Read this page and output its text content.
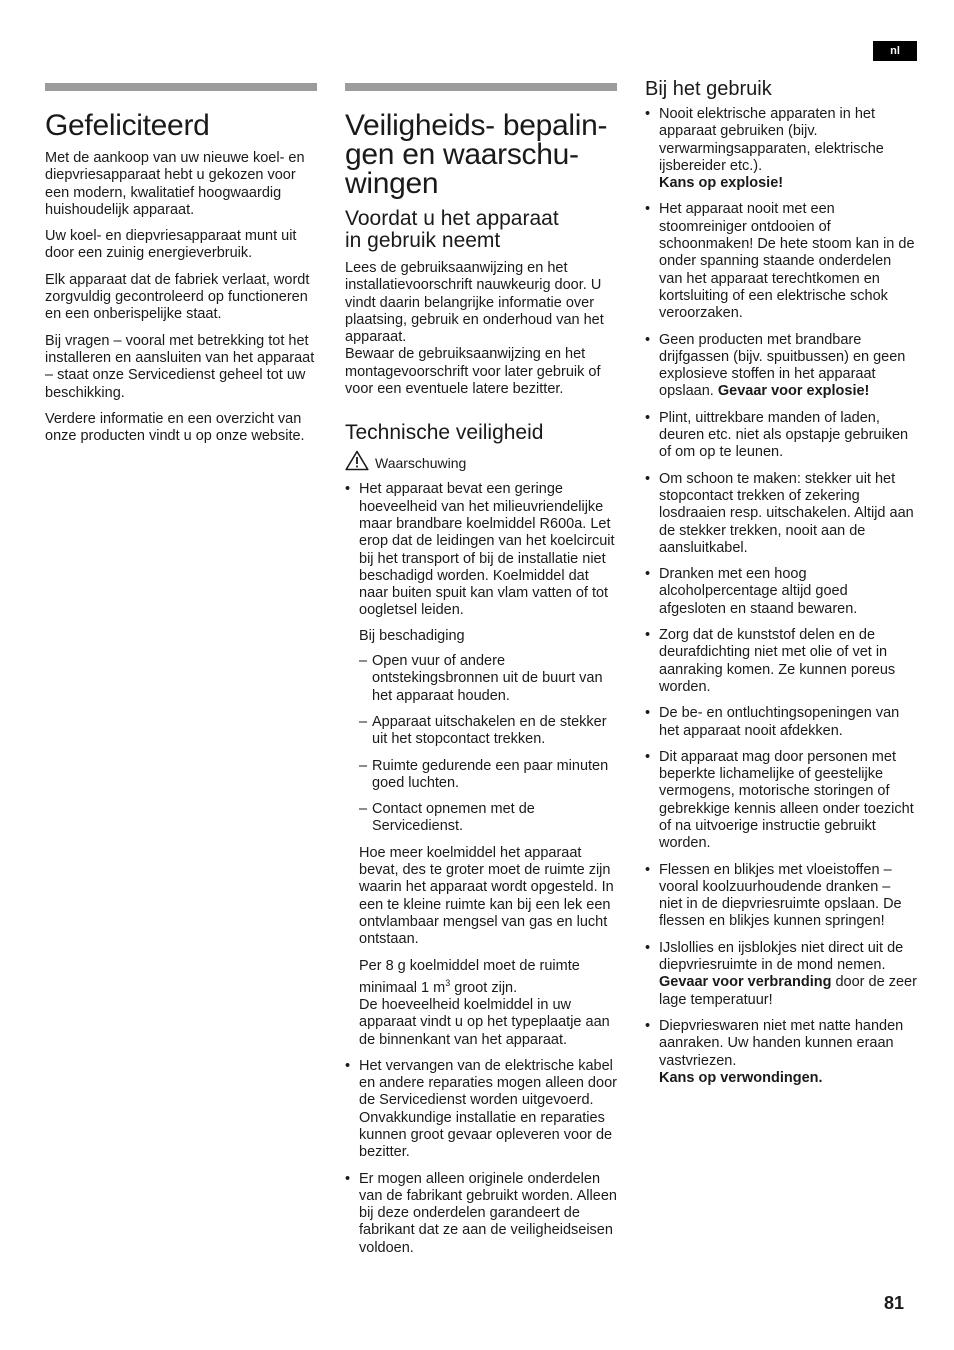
nl
Gefeliciteerd

Met de aankoop van uw nieuwe koel- en diepvriesapparaat hebt u gekozen voor een modern, kwalitatief hoogwaardig huishoudelijk apparaat.

Uw koel- en diepvriesapparaat munt uit door een zuinig energieverbruik.

Elk apparaat dat de fabriek verlaat, wordt zorgvuldig gecontroleerd op functioneren en een onberispelijke staat.

Bij vragen – vooral met betrekking tot het installeren en aansluiten van het apparaat – staat onze Servicedienst geheel tot uw beschikking.

Verdere informatie en een overzicht van onze producten vindt u op onze website.

Veiligheids- bepalin-
gen en waarschu-
wingen
Voordat u het apparaat
in gebruik neemt

Lees de gebruiksaanwijzing en het installatievoorschrift nauwkeurig door. U vindt daarin belangrijke informatie over plaatsing, gebruik en onderhoud van het apparaat.

Bewaar de gebruiksaanwijzing en het montagevoorschrift voor later gebruik of voor een eventuele latere bezitter.

Technische veiligheid
Waarschuwing
• Het apparaat bevat een geringe hoeveelheid van het milieuvriendelijke maar brandbare koelmiddel R600a. Let erop dat de leidingen van het koelcircuit bij het transport of bij de installatie niet beschadigd worden. Koelmiddel dat naar buiten spuit kan vlam vatten of tot oogletsel leiden.
Bij beschadiging
– Open vuur of andere ontstekingsbronnen uit de buurt van het apparaat houden.
– Apparaat uitschakelen en de stekker uit het stopcontact trekken.
– Ruimte gedurende een paar minuten goed luchten.
– Contact opnemen met de Servicedienst.

Hoe meer koelmiddel het apparaat bevat, des te groter moet de ruimte zijn waarin het apparaat wordt opgesteld. In een te kleine ruimte kan bij een lek een ontvlambaar mengsel van gas en lucht ontstaan.

Per 8 g koelmiddel moet de ruimte minimaal 1 $m^3$ groot zijn.
De hoeveelheid koelmiddel in uw apparaat vindt u op het typeplaatje aan de binnenkant van het apparaat.

• Het vervangen van de elektrische kabel en andere reparaties mogen alleen door de Servicedienst worden uitgevoerd. Onvakkundige installatie en reparaties kunnen groot gevaar opleveren voor de bezitter.
• Er mogen alleen originele onderdelen van de fabrikant gebruikt worden. Alleen bij deze onderdelen garandeert de fabrikant dat ze aan de veiligheidseisen voldoen.
Bij het gebruik
• Nooit elektrische apparaten in het apparaat gebruiken (bijv. verwarmingsapparaten, elektrische ijsbereider etc.).
Kans op explosie!
• Het apparaat nooit met een stoomreiniger ontdooien of schoonmaken! De hete stoom kan in de onder spanning staande onderdelen van het apparaat terechtkomen en kortsluiting of een elektrische schok veroorzaken.
• Geen producten met brandbare drijfgassen (bijv. spuitbussen) en geen explosieve stoffen in het apparaat opslaan. Gevaar voor explosie!
• Plint, uittrekbare manden of laden, deuren etc. niet als opstapje gebruiken of om op te leunen.
• Om schoon te maken: stekker uit het stopcontact trekken of zekering losdraaien resp. uitschakelen. Altijd aan de stekker trekken, nooit aan de aansluitkabel.
• Dranken met een hoog alcoholpercentage altijd goed afgesloten en staand bewaren.
• Zorg dat de kunststof delen en de deurafdichting niet met olie of vet in aanraking komen. Ze kunnen poreus worden.
• De be- en ontluchtingsopeningen van het apparaat nooit afdekken.
• Dit apparaat mag door personen met beperkte lichamelijke of geestelijke vermogens, motorische storingen of gebrekkige kennis alleen onder toezicht of na uitvoerige instructie gebruikt worden.
• Flessen en blikjes met vloeistoffen – vooral koolzuurhoudende dranken – niet in de diepvriesruimte opslaan. De flessen en blikjes kunnen springen!
• IJslollies en ijsblokjes niet direct uit de diepvriesruimte in de mond nemen. Gevaar voor verbranding door de zeer lage temperatuur!
• Diepvrieswaren niet met natte handen aanraken. Uw handen kunnen eraan vastvriezen.
Kans op verwondingen.
81
